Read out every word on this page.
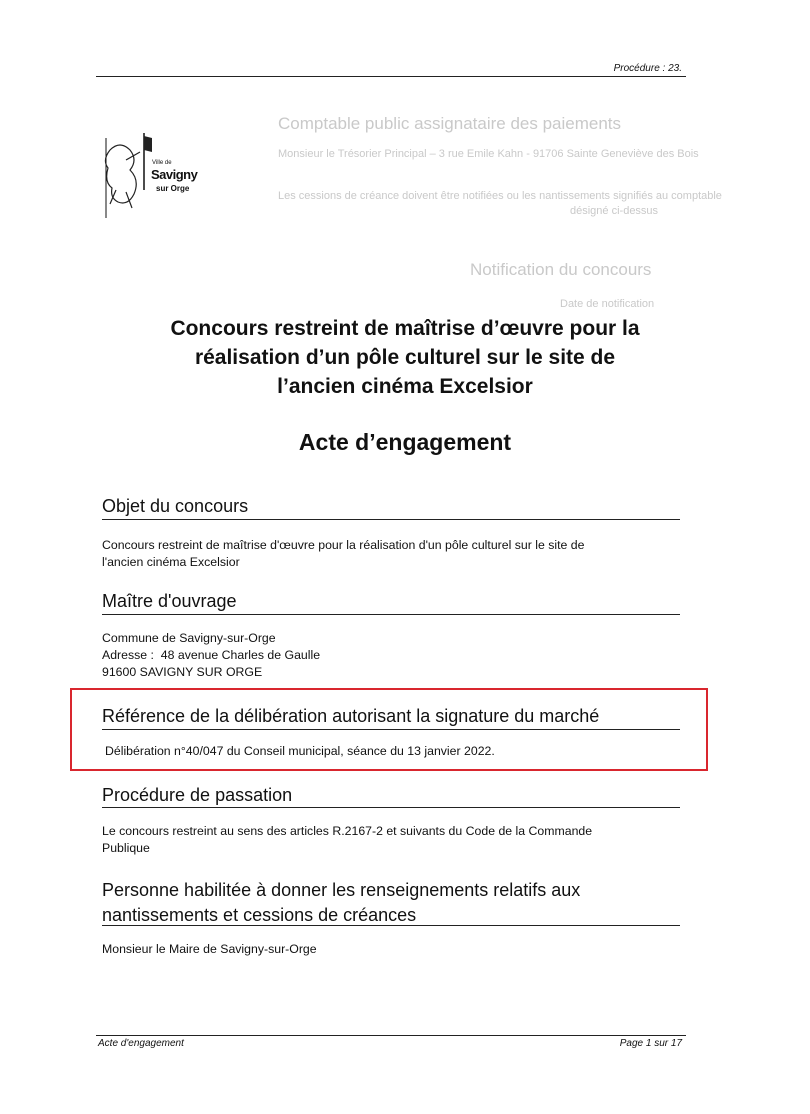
Comptable public assignataire des paiements
Monsieur le Trésorier Principal – 3 rue Emile Kahn - 91706 Sainte Geneviève des Bois
Les cessions de créance doivent être notifiées ou les nantissements signifiés au comptable
désigné ci-dessus
Notification du concours
Date de notification
Procédure : 23.
Ville de
Savigny
sur Orge
Concours restreint de maîtrise d’œuvre pour la
réalisation d’un pôle culturel sur le site de
l’ancien cinéma Excelsior
Acte d’engagement
Objet du concours
Concours restreint de maîtrise d'œuvre pour la réalisation d'un pôle culturel sur le site de
l'ancien cinéma Excelsior
Maître d'ouvrage
Commune de Savigny-sur-Orge
Adresse :  48 avenue Charles de Gaulle
91600 SAVIGNY SUR ORGE
Référence de la délibération autorisant la signature du marché
Délibération n°40/047 du Conseil municipal, séance du 13 janvier 2022.
Procédure de passation
Le concours restreint au sens des articles R.2167-2 et suivants du Code de la Commande
Publique
Personne habilitée à donner les renseignements relatifs aux
nantissements et cessions de créances
Monsieur le Maire de Savigny-sur-Orge
Acte d'engagement	Page 1 sur 17
